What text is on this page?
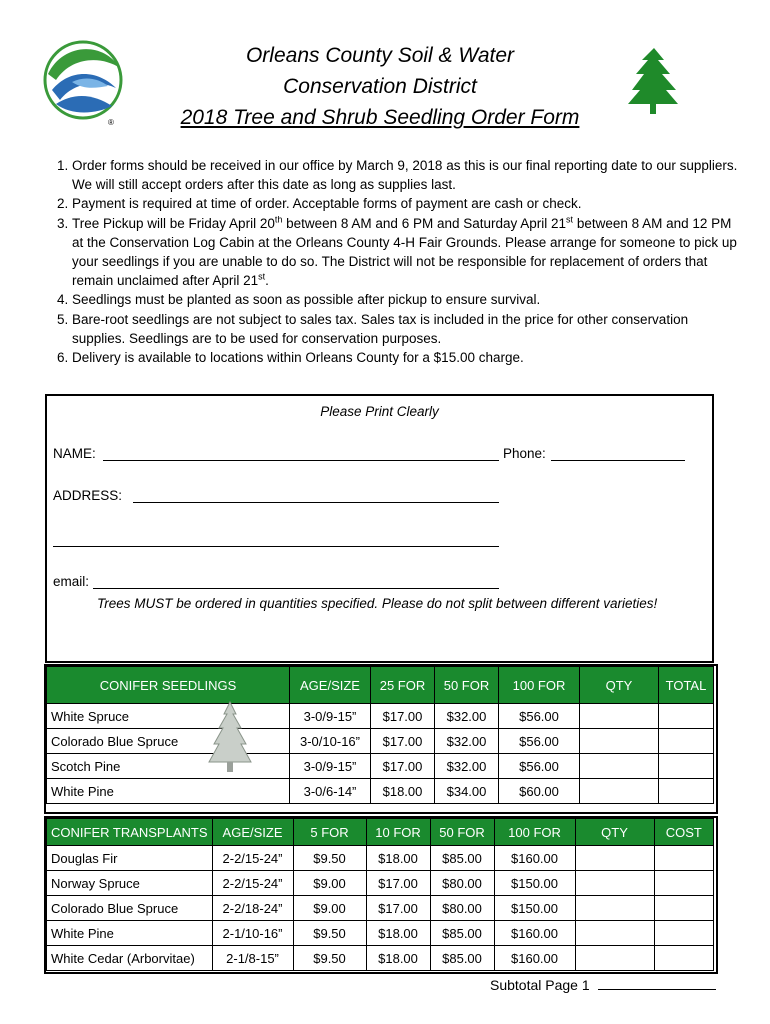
®
Orleans County Soil & Water
Conservation District
2018 Tree and Shrub Seedling Order Form
1. Order forms should be received in our office by March 9, 2018 as this is our final reporting date to our suppliers. We will still accept orders after this date as long as supplies last.
2. Payment is required at time of order. Acceptable forms of payment are cash or check.
3. Tree Pickup will be Friday April 20th between 8 AM and 6 PM and Saturday April 21st between 8 AM and 12 PM at the Conservation Log Cabin at the Orleans County 4-H Fair Grounds. Please arrange for someone to pick up your seedlings if you are unable to do so. The District will not be responsible for replacement of orders that remain unclaimed after April 21st.
4. Seedlings must be planted as soon as possible after pickup to ensure survival.
5. Bare-root seedlings are not subject to sales tax. Sales tax is included in the price for other conservation supplies. Seedlings are to be used for conservation purposes.
6. Delivery is available to locations within Orleans County for a $15.00 charge.
Please Print Clearly
NAME:	Phone:
ADDRESS:
email:
Trees MUST be ordered in quantities specified. Please do not split between different varieties!
CONIFER SEEDLINGS	AGE/SIZE	25 FOR	50 FOR	100 FOR	QTY	TOTAL
White Spruce	3-0/9-15”	$17.00	$32.00	$56.00		
Colorado Blue Spruce	3-0/10-16”	$17.00	$32.00	$56.00		
Scotch Pine	3-0/9-15”	$17.00	$32.00	$56.00		
White Pine	3-0/6-14”	$18.00	$34.00	$60.00		
CONIFER TRANSPLANTS	AGE/SIZE	5 FOR	10 FOR	50 FOR	100 FOR	QTY	COST
Douglas Fir	2-2/15-24”	$9.50	$18.00	$85.00	$160.00		
Norway Spruce	2-2/15-24”	$9.00	$17.00	$80.00	$150.00		
Colorado Blue Spruce	2-2/18-24”	$9.00	$17.00	$80.00	$150.00		
White Pine	2-1/10-16”	$9.50	$18.00	$85.00	$160.00		
White Cedar (Arborvitae)	2-1/8-15”	$9.50	$18.00	$85.00	$160.00		
Subtotal Page 1
